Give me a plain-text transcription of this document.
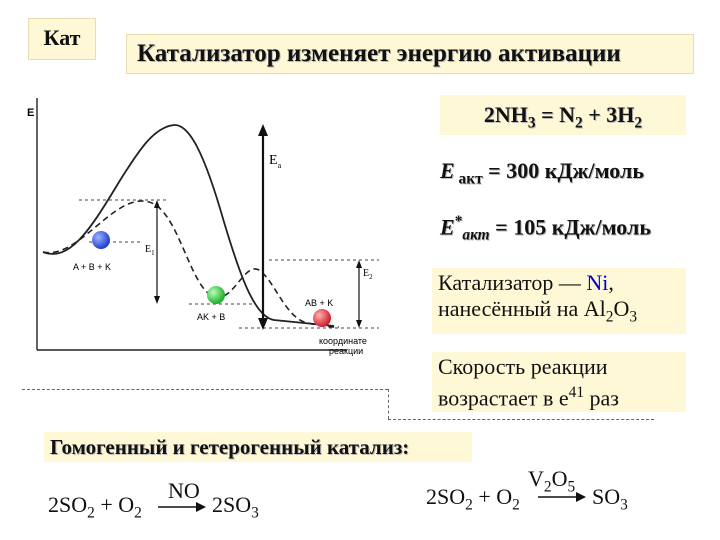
Кат
Катализатор изменяет энергию активации
E
координате
реакции
$E_a$
$E_1$
$E_2$
A + B + K
AK + B
AB + K
$2NH_3 = N_2 + 3H_2$
E $_{акт}$ = 300 кДж/моль
$E^*_{акт} = 105$ кДж/моль
Катализатор — Ni,
нанесённый на $Al_2O_3$
Скорость реакции
возрастает в $e^{41}$ раз
Гомогенный и гетерогенный катализ:
$2SO_2 + O_2$
NO
$2SO_3$
$2SO_2 + O_2$
$V_2O_5$ $SO_3$
